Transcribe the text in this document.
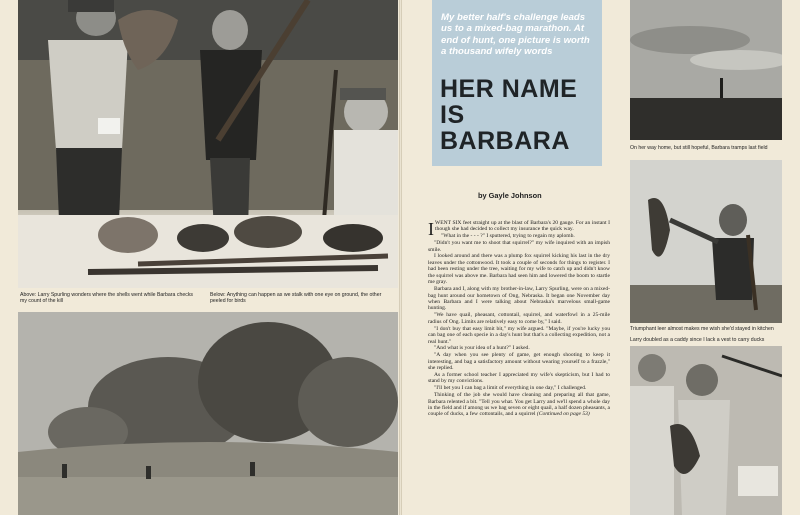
Above: Larry Spurling wonders where the shells went while Barbara checks my count of the kill
Below: Anything can happen as we stalk with one eye on ground, the other peeled for birds
My better half's challenge leads us to a mixed-bag marathon. At end of hunt, one picture is worth a thousand wifely words
HER NAME
IS
BARBARA
by Gayle Johnson

IWENT SIX feet straight up at the blast of Barbara's 20 gauge. For an instant I though she had decided to collect my insurance the quick way.

"What in the - - - ?" I sputtered, trying to regain my aplomb.

"Didn't you want me to shoot that squirrel?" my wife inquired with an impish smile.

I looked around and there was a plump fox squirrel kicking his last in the dry leaves under the cottonwood. It took a couple of seconds for things to register. I had been resting under the tree, waiting for my wife to catch up and didn't know the squirrel was above me. Barbara had seen him and lowered the boom to startle me gray.

Barbara and I, along with my brother-in-law, Larry Spurling, were on a mixed-bag hunt around our hometown of Ong, Nebraska. It began one November day when Barbara and I were talking about Nebraska's marvelous small-game hunting.

"We have quail, pheasant, cottontail, squirrel, and waterfowl in a 25-mile radius of Ong. Limits are relatively easy to come by," I said.

"I don't buy that easy limit bit," my wife argued. "Maybe, if you're lucky you can bag one of each specie in a day's hunt but that's a collecting expedition, not a real hunt."

"And what is your idea of a hunt?" I asked.

"A day when you see plenty of game, get enough shooting to keep it interesting, and bag a satisfactory amount without wearing yourself to a frazzle," she replied.

As a former school teacher I appreciated my wife's skepticism, but I had to stand by my convictions.

"I'll bet you I can bag a limit of everything in one day," I challenged.

Thinking of the job she would have cleaning and preparing all that game, Barbara relented a bit. "Tell you what. You get Larry and we'll spend a whole day in the field and if among us we bag seven or eight quail, a half dozen pheasants, a couple of ducks, a few cottontails, and a squirrel (Continued on page 53)

On her way home, but still hopeful, Barbara tramps last field
Triumphant leer almost makes me wish she'd stayed in kitchen
Larry doubled as a caddy since I lack a vest to carry ducks
